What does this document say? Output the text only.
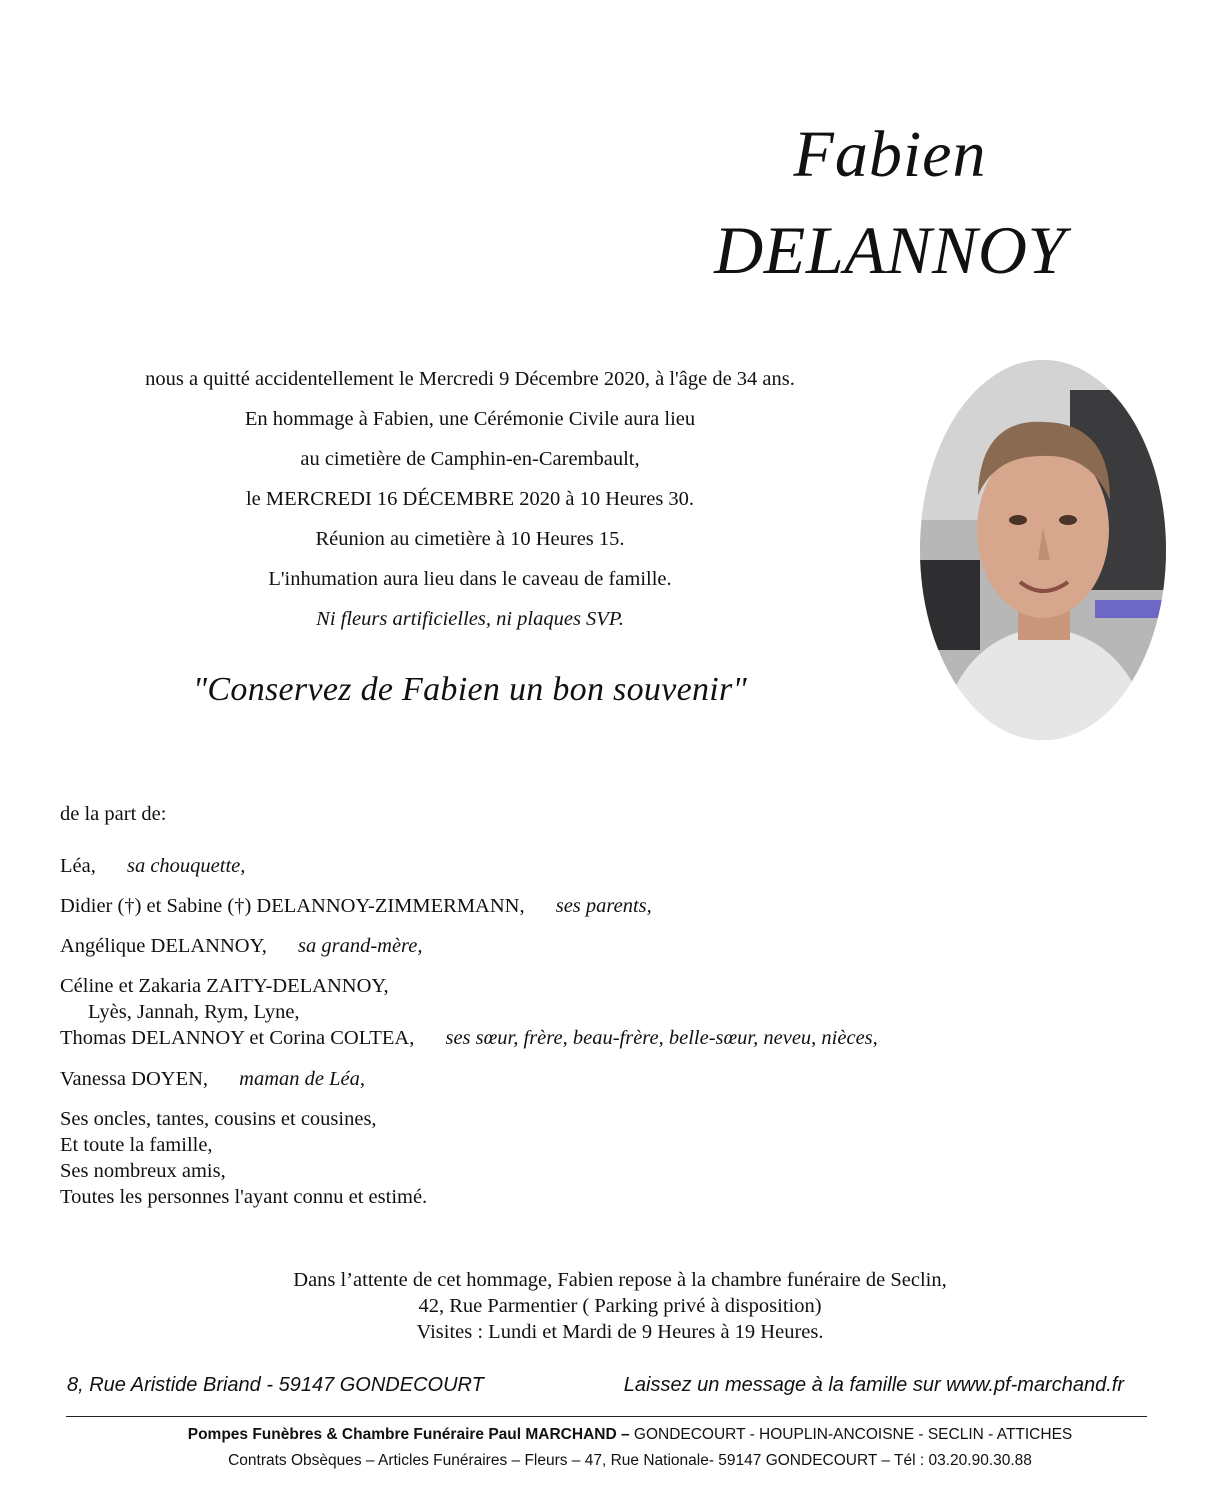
Fabien
DELANNOY
nous a quitté accidentellement le Mercredi 9 Décembre 2020, à l'âge de 34 ans.
En hommage à Fabien, une Cérémonie Civile aura lieu
au cimetière de Camphin-en-Carembault,
le MERCREDI 16 DÉCEMBRE 2020 à 10 Heures 30.
Réunion au cimetière à 10 Heures 15.
L'inhumation aura lieu dans le caveau de famille.
Ni fleurs artificielles, ni plaques SVP.
"Conservez de Fabien un bon souvenir"
de la part de:
Léa, sa chouquette,
Didier (†) et Sabine (†) DELANNOY-ZIMMERMANN, ses parents,
Angélique DELANNOY, sa grand-mère,
Céline et Zakaria ZAITY-DELANNOY,
Lyès, Jannah, Rym, Lyne,
Thomas DELANNOY et Corina COLTEA, ses sœur, frère, beau-frère, belle-sœur, neveu, nièces,
Vanessa DOYEN, maman de Léa,
Ses oncles, tantes, cousins et cousines,
Et toute la famille,
Ses nombreux amis,
Toutes les personnes l'ayant connu et estimé.
Dans l’attente de cet hommage, Fabien repose à la chambre funéraire de Seclin,
42, Rue Parmentier ( Parking privé à disposition)
Visites : Lundi et Mardi de 9 Heures à 19 Heures.
8, Rue Aristide Briand - 59147 GONDECOURT	Laissez un message à la famille sur www.pf-marchand.fr
Pompes Funèbres & Chambre Funéraire Paul MARCHAND – GONDECOURT - HOUPLIN-ANCOISNE - SECLIN - ATTICHES
Contrats Obsèques – Articles Funéraires – Fleurs – 47, Rue Nationale- 59147 GONDECOURT – Tél : 03.20.90.30.88
